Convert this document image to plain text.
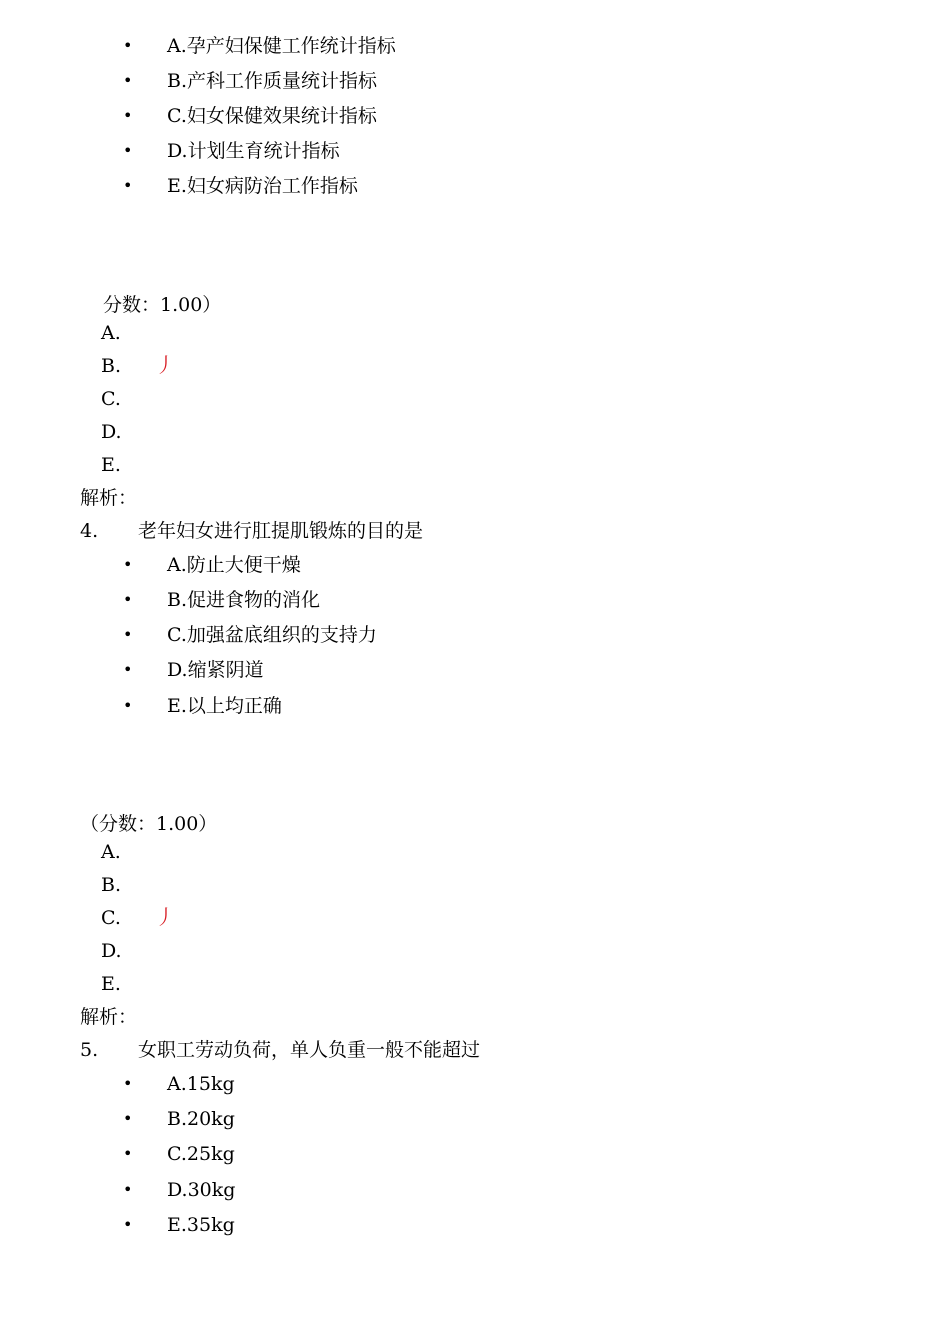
• A.孕产妇保健工作统计指标
• B.产科工作质量统计指标
• C.妇女保健效果统计指标
• D.计划生育统计指标
• E.妇女病防治工作指标
分数：1.00）
A.
B. 丿
C.
D.
E.
解析：
4. 老年妇女进行肛提肌锻炼的目的是
• A.防止大便干燥
• B.促进食物的消化
• C.加强盆底组织的支持力
• D.缩紧阴道
• E.以上均正确
（分数：1.00）
A.
B.
C. 丿
D.
E.
解析：
5. 女职工劳动负荷，单人负重一般不能超过
• A.15kg
• B.20kg
• C.25kg
• D.30kg
• E.35kg
